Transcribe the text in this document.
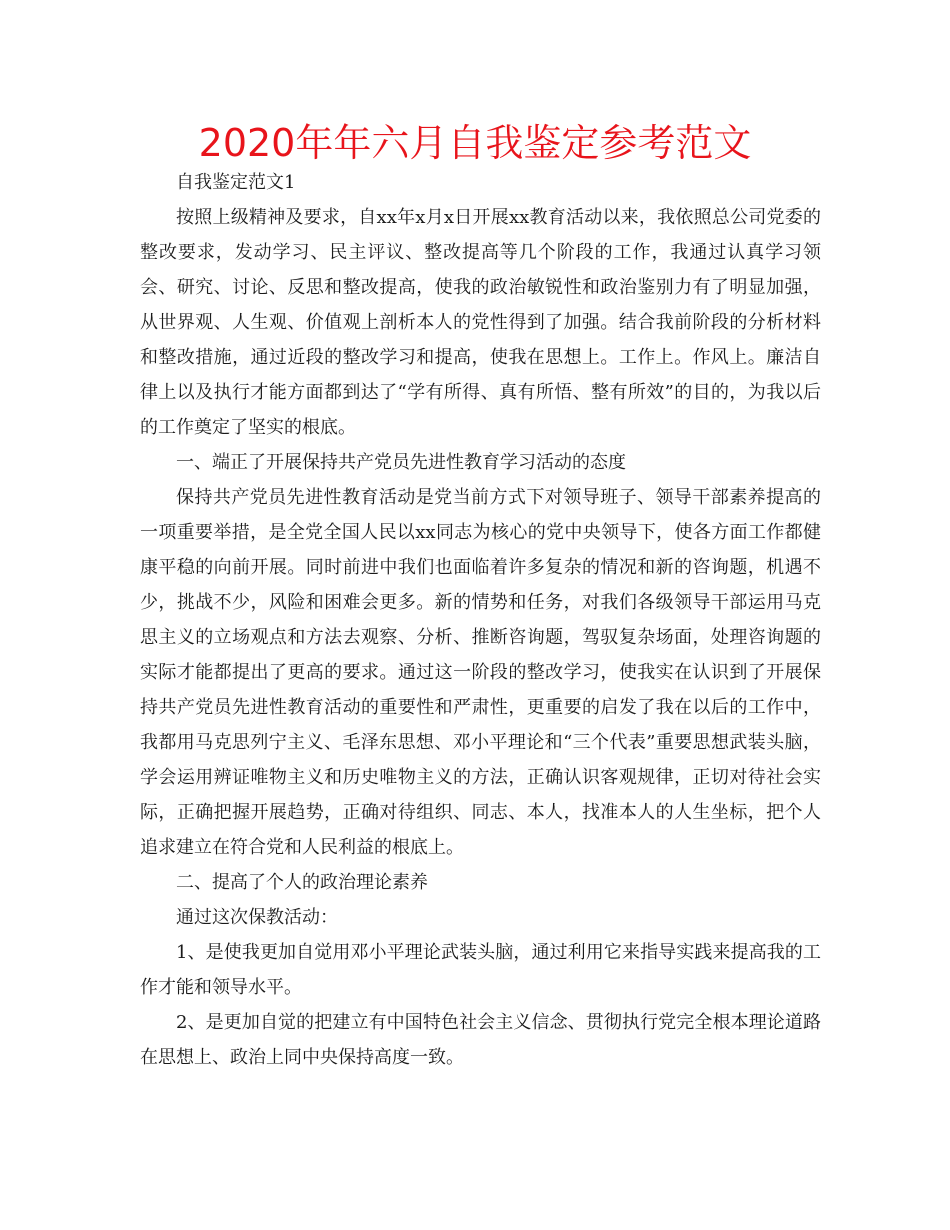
2020年年六月自我鉴定参考范文

自我鉴定范文1

按照上级精神及要求，自xx年x月x日开展xx教育活动以来，我依照总公司党委的整改要求，发动学习、民主评议、整改提高等几个阶段的工作，我通过认真学习领会、研究、讨论、反思和整改提高，使我的政治敏锐性和政治鉴别力有了明显加强，从世界观、人生观、价值观上剖析本人的党性得到了加强。结合我前阶段的分析材料和整改措施，通过近段的整改学习和提高，使我在思想上。工作上。作风上。廉洁自律上以及执行才能方面都到达了“学有所得、真有所悟、整有所效”的目的，为我以后的工作奠定了坚实的根底。

一、端正了开展保持共产党员先进性教育学习活动的态度

保持共产党员先进性教育活动是党当前方式下对领导班子、领导干部素养提高的一项重要举措，是全党全国人民以xx同志为核心的党中央领导下，使各方面工作都健康平稳的向前开展。同时前进中我们也面临着许多复杂的情况和新的咨询题，机遇不少，挑战不少，风险和困难会更多。新的情势和任务，对我们各级领导干部运用马克思主义的立场观点和方法去观察、分析、推断咨询题，驾驭复杂场面，处理咨询题的实际才能都提出了更高的要求。通过这一阶段的整改学习，使我实在认识到了开展保持共产党员先进性教育活动的重要性和严肃性，更重要的启发了我在以后的工作中，我都用马克思列宁主义、毛泽东思想、邓小平理论和“三个代表”重要思想武装头脑，学会运用辨证唯物主义和历史唯物主义的方法，正确认识客观规律，正切对待社会实际，正确把握开展趋势，正确对待组织、同志、本人，找准本人的人生坐标，把个人追求建立在符合党和人民利益的根底上。

二、提高了个人的政治理论素养

通过这次保教活动：

1、是使我更加自觉用邓小平理论武装头脑，通过利用它来指导实践来提高我的工作才能和领导水平。

2、是更加自觉的把建立有中国特色社会主义信念、贯彻执行党完全根本理论道路在思想上、政治上同中央保持高度一致。
